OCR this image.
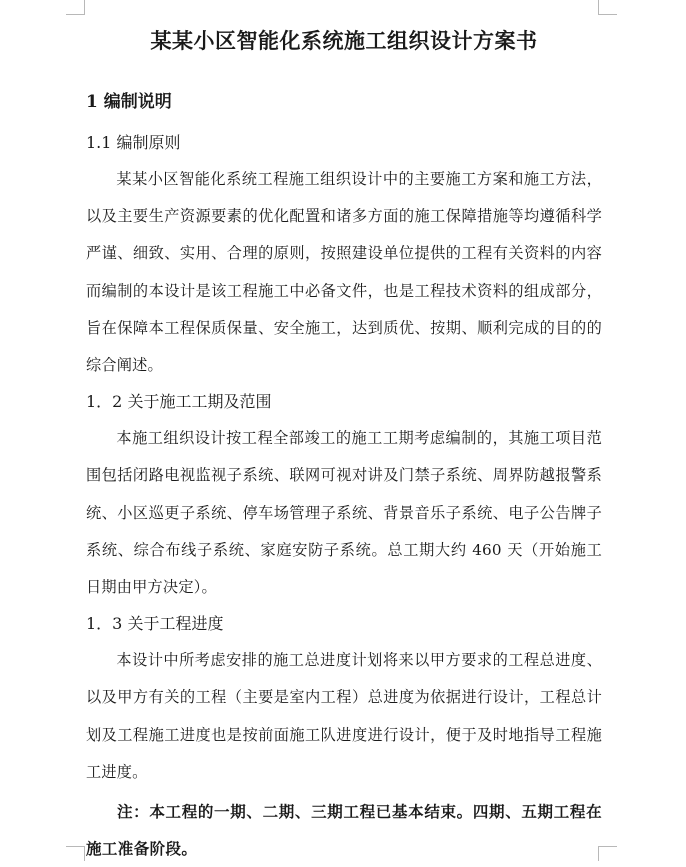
某某小区智能化系统施工组织设计方案书
1 编制说明
1.1 编制原则
某某小区智能化系统工程施工组织设计中的主要施工方案和施工方法，以及主要生产资源要素的优化配置和诸多方面的施工保障措施等均遵循科学严谨、细致、实用、合理的原则，按照建设单位提供的工程有关资料的内容而编制的本设计是该工程施工中必备文件，也是工程技术资料的组成部分，旨在保障本工程保质保量、安全施工，达到质优、按期、顺利完成的目的的综合阐述。
1．2 关于施工工期及范围
本施工组织设计按工程全部竣工的施工工期考虑编制的，其施工项目范围包括闭路电视监视子系统、联网可视对讲及门禁子系统、周界防越报警系统、小区巡更子系统、停车场管理子系统、背景音乐子系统、电子公告牌子系统、综合布线子系统、家庭安防子系统。总工期大约 460 天（开始施工日期由甲方决定）。
1．3 关于工程进度
本设计中所考虑安排的施工总进度计划将来以甲方要求的工程总进度、以及甲方有关的工程（主要是室内工程）总进度为依据进行设计，工程总计划及工程施工进度也是按前面施工队进度进行设计，便于及时地指导工程施工进度。
注：本工程的一期、二期、三期工程已基本结束。四期、五期工程在施工准备阶段。
